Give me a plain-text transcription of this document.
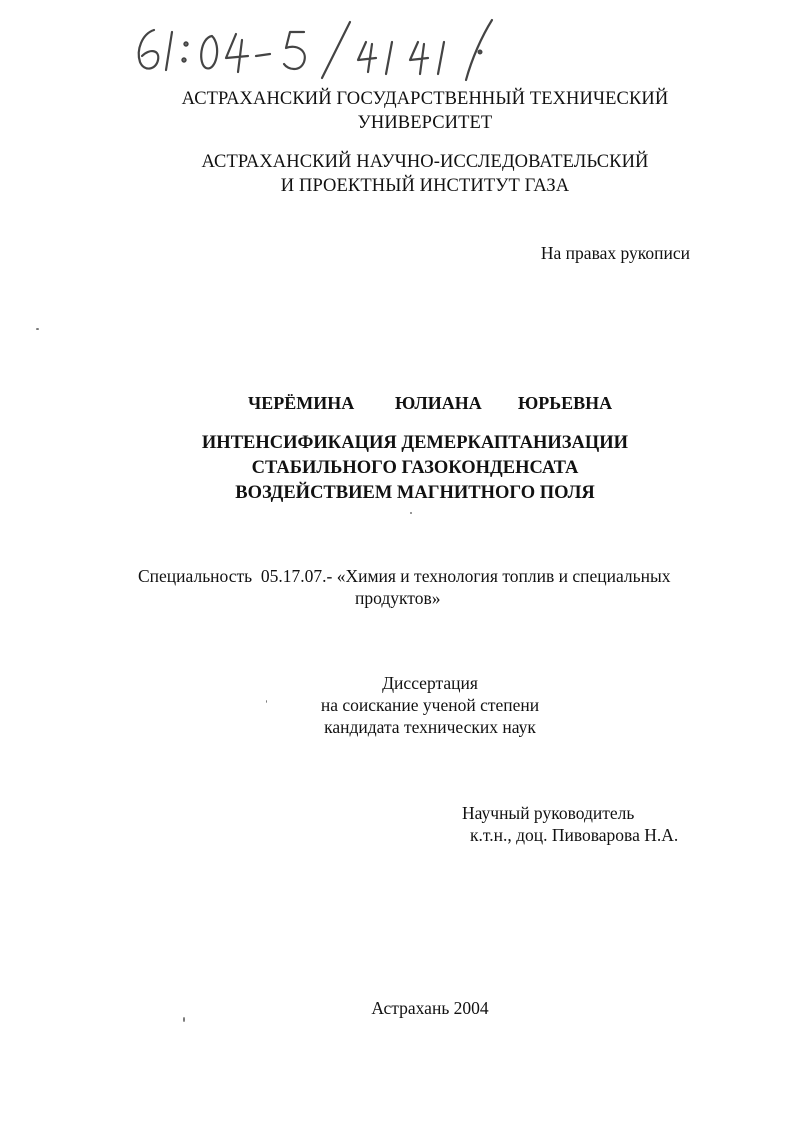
АСТРАХАНСКИЙ ГОСУДАРСТВЕННЫЙ ТЕХНИЧЕСКИЙ
УНИВЕРСИТЕТ
АСТРАХАНСКИЙ НАУЧНО-ИССЛЕДОВАТЕЛЬСКИЙ
И ПРОЕКТНЫЙ ИНСТИТУТ ГАЗА
На правах рукописи
ЧЕРЁМИНА ЮЛИАНА ЮРЬЕВНА
ИНТЕНСИФИКАЦИЯ ДЕМЕРКАПТАНИЗАЦИИ
СТАБИЛЬНОГО ГАЗОКОНДЕНСАТА
ВОЗДЕЙСТВИЕМ МАГНИТНОГО ПОЛЯ
Специальность  05.17.07.- «Химия и технология топлив и специальных
продуктов»
Диссертация
на соискание ученой степени
кандидата технических наук
Научный руководитель
к.т.н., доц. Пивоварова Н.А.
Астрахань 2004
